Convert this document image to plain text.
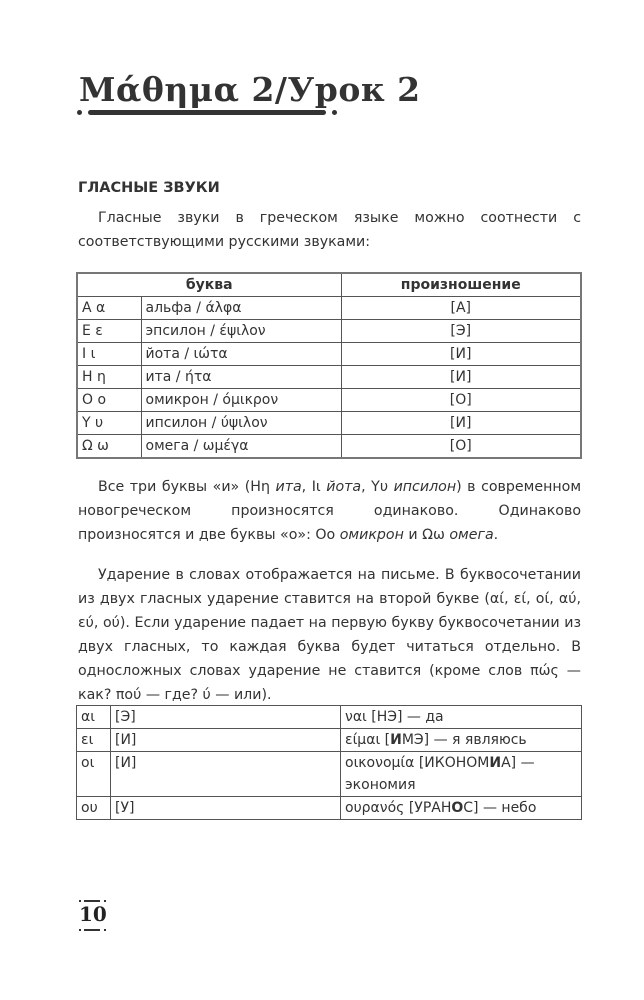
Μάθημα 2/Урок 2
ГЛАСНЫЕ ЗВУКИ
Гласные звуки в греческом языке можно соотнести с соответствующими русскими звуками:
буква		произношение
Α α	альфа / άλφα	[А]
Ε ε	эпсилон / έψιλον	[Э]
Ι ι	йота / ιώτα	[И]
Η η	ита / ήτα	[И]
Ο ο	омикрон / όμικρον	[О]
Υ υ	ипсилон / ύψιλον	[И]
Ω ω	омега / ωμέγα	[О]
Все три буквы «и» (Ηη ита, Ιι йота, Υυ ипсилон) в современном новогреческом произносятся одинаково. Одинаково произносятся и две буквы «о»: Οο омикрон и Ωω омега.
Ударение в словах отображается на письме. В буквосочетании из двух гласных ударение ставится на второй букве (αί, εί, οί, αύ, εύ, ού). Если ударение падает на первую букву буквосочетании из двух гласных, то каждая буква будет читаться отдельно. В односложных словах ударение не ставится (кроме слов πώς — как? πού — где? ύ — или).
αι	[Э]	ναι [НЭ] — да
ει	[И]	είμαι [ИМЭ] — я являюсь
οι	[И]	οικονομία [ИКОНОМИА] — экономия
ου	[У]	ουρανός [УРАНОС] — небо
10
